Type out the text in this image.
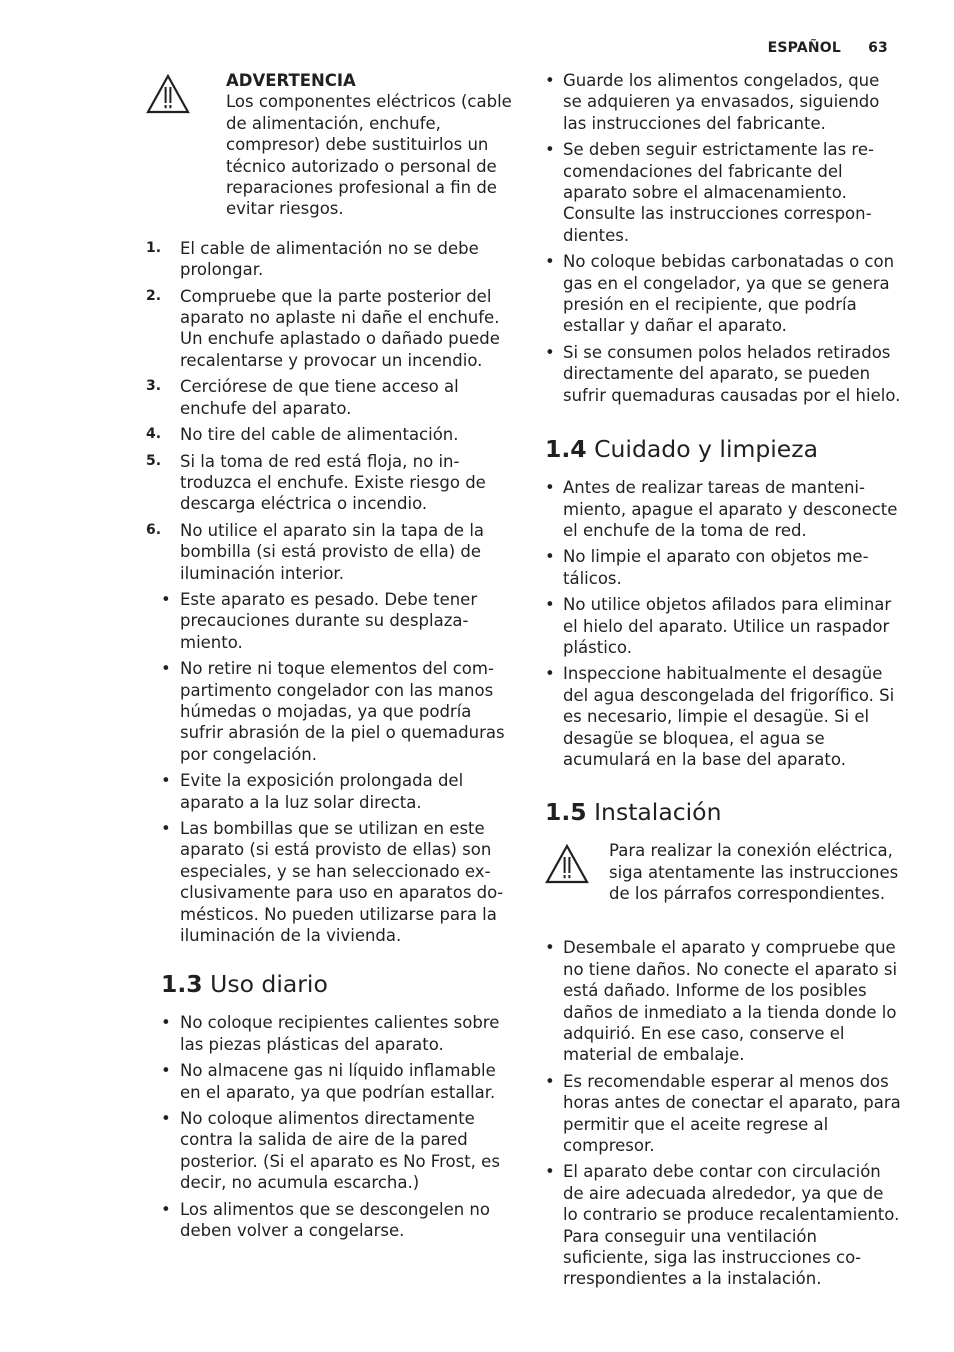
ESPAÑOL 63
ADVERTENCIA
Los componentes eléctricos (cable de alimentación, enchufe, compresor) debe sustituirlos un técnico autorizado o personal de reparaciones profesional a fin de evitar riesgos.
1. El cable de alimentación no se debe prolongar.
2. Compruebe que la parte posterior del aparato no aplaste ni dañe el enchufe. Un enchufe aplastado o dañado puede recalentarse y provocar un incendio.
3. Cerciórese de que tiene acceso al enchufe del aparato.
4. No tire del cable de alimentación.
5. Si la toma de red está floja, no introduzca el enchufe. Existe riesgo de descarga eléctrica o incendio.
6. No utilice el aparato sin la tapa de la bombilla (si está provisto de ella) de iluminación interior.
• Este aparato es pesado. Debe tener precauciones durante su desplazamiento.
• No retire ni toque elementos del compartimento congelador con las manos húmedas o mojadas, ya que podría sufrir abrasión de la piel o quemaduras por congelación.
• Evite la exposición prolongada del aparato a la luz solar directa.
• Las bombillas que se utilizan en este aparato (si está provisto de ellas) son especiales, y se han seleccionado exclusivamente para uso en aparatos domésticos. No pueden utilizarse para la iluminación de la vivienda.
1.3 Uso diario
• No coloque recipientes calientes sobre las piezas plásticas del aparato.
• No almacene gas ni líquido inflamable en el aparato, ya que podrían estallar.
• No coloque alimentos directamente contra la salida de aire de la pared posterior. (Si el aparato es No Frost, es decir, no acumula escarcha.)
• Los alimentos que se descongelen no deben volver a congelarse.
• Guarde los alimentos congelados, que se adquieren ya envasados, siguiendo las instrucciones del fabricante.
• Se deben seguir estrictamente las recomendaciones del fabricante del aparato sobre el almacenamiento. Consulte las instrucciones correspondientes.
• No coloque bebidas carbonatadas o con gas en el congelador, ya que se genera presión en el recipiente, que podría estallar y dañar el aparato.
• Si se consumen polos helados retirados directamente del aparato, se pueden sufrir quemaduras causadas por el hielo.
1.4 Cuidado y limpieza
• Antes de realizar tareas de mantenimiento, apague el aparato y desconecte el enchufe de la toma de red.
• No limpie el aparato con objetos metálicos.
• No utilice objetos afilados para eliminar el hielo del aparato. Utilice un raspador plástico.
• Inspeccione habitualmente el desagüe del agua descongelada del frigorífico. Si es necesario, limpie el desagüe. Si el desagüe se bloquea, el agua se acumulará en la base del aparato.
1.5 Instalación
Para realizar la conexión eléctrica, siga atentamente las instrucciones de los párrafos correspondientes.
• Desembale el aparato y compruebe que no tiene daños. No conecte el aparato si está dañado. Informe de los posibles daños de inmediato a la tienda donde lo adquirió. En ese caso, conserve el material de embalaje.
• Es recomendable esperar al menos dos horas antes de conectar el aparato, para permitir que el aceite regrese al compresor.
• El aparato debe contar con circulación de aire adecuada alrededor, ya que de lo contrario se produce recalentamiento. Para conseguir una ventilación suficiente, siga las instrucciones correspondientes a la instalación.
